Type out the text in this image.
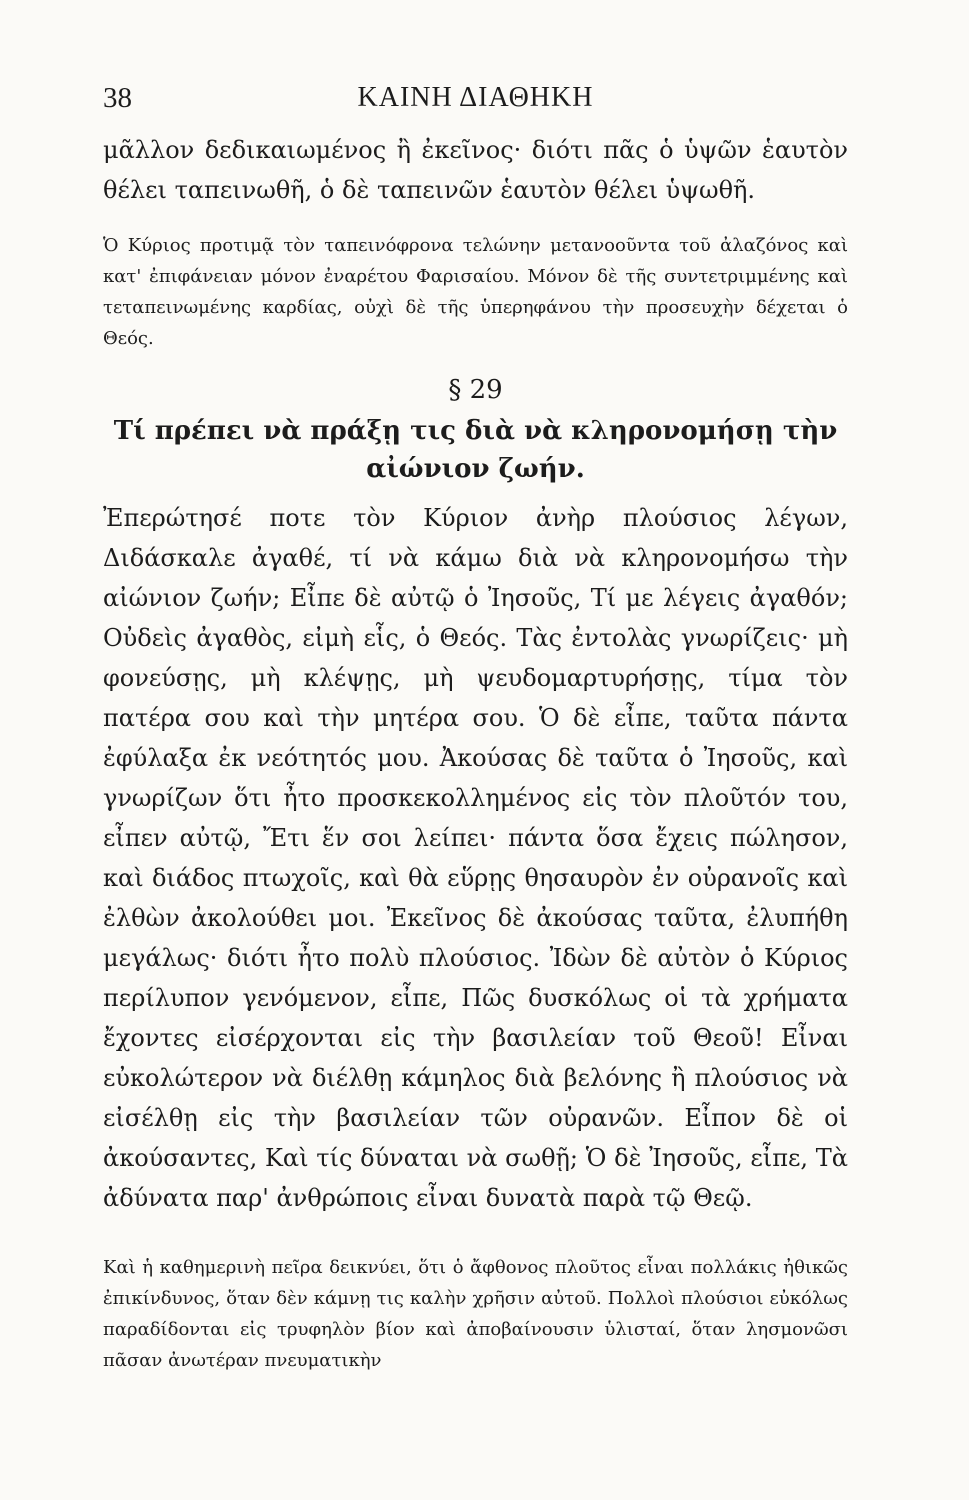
38	ΚΑΙΝΗ ΔΙΑΘΗΚΗ

μᾶλλον δεδικαιωμένος ἢ ἐκεῖνος· διότι πᾶς ὁ ὑψῶν ἑαυτὸν θέλει ταπεινωθῆ, ὁ δὲ ταπεινῶν ἑαυτὸν θέλει ὑψωθῆ.

Ὁ Κύριος προτιμᾷ τὸν ταπεινόφρονα τελώνην μετανοοῦντα τοῦ ἀλαζόνος καὶ κατ' ἐπιφάνειαν μόνον ἐναρέτου Φαρισαίου. Μόνον δὲ τῆς συντετριμμένης καὶ τεταπεινωμένης καρδίας, οὐχὶ δὲ τῆς ὑπερηφάνου τὴν προσευχὴν δέχεται ὁ Θεός.

§ 29
Τί πρέπει νὰ πράξῃ τις διὰ νὰ κληρονομήσῃ τὴν αἰώνιον ζωήν.

Ἐπερώτησέ ποτε τὸν Κύριον ἀνὴρ πλούσιος λέγων, Διδάσκαλε ἀγαθέ, τί νὰ κάμω διὰ νὰ κληρονομήσω τὴν αἰώνιον ζωήν; Εἶπε δὲ αὐτῷ ὁ Ἰησοῦς, Τί με λέγεις ἀγαθόν; Οὐδεὶς ἀγαθὸς, εἰμὴ εἷς, ὁ Θεός. Τὰς ἐντολὰς γνωρίζεις· μὴ φονεύσῃς, μὴ κλέψῃς, μὴ ψευδομαρτυρήσῃς, τίμα τὸν πατέρα σου καὶ τὴν μητέρα σου. Ὁ δὲ εἶπε, ταῦτα πάντα ἐφύλαξα ἐκ νεότητός μου. Ἀκούσας δὲ ταῦτα ὁ Ἰησοῦς, καὶ γνωρίζων ὅτι ἦτο προσκεκολλημένος εἰς τὸν πλοῦτόν του, εἶπεν αὐτῷ, Ἔτι ἕν σοι λείπει· πάντα ὅσα ἔχεις πώλησον, καὶ διάδος πτωχοῖς, καὶ θὰ εὕρῃς θησαυρὸν ἐν οὐρανοῖς καὶ ἐλθὼν ἀκολούθει μοι. Ἐκεῖνος δὲ ἀκούσας ταῦτα, ἐλυπήθη μεγάλως· διότι ἦτο πολὺ πλούσιος. Ἰδὼν δὲ αὐτὸν ὁ Κύριος περίλυπον γενόμενον, εἶπε, Πῶς δυσκόλως οἱ τὰ χρήματα ἔχοντες εἰσέρχονται εἰς τὴν βασιλείαν τοῦ Θεοῦ! Εἶναι εὐκολώτερον νὰ διέλθῃ κάμηλος διὰ βελόνης ἢ πλούσιος νὰ εἰσέλθῃ εἰς τὴν βασιλείαν τῶν οὐρανῶν. Εἶπον δὲ οἱ ἀκούσαντες, Καὶ τίς δύναται νὰ σωθῇ; Ὁ δὲ Ἰησοῦς, εἶπε, Τὰ ἀδύνατα παρ' ἀνθρώποις εἶναι δυνατὰ παρὰ τῷ Θεῷ.

Καὶ ἡ καθημερινὴ πεῖρα δεικνύει, ὅτι ὁ ἄφθονος πλοῦτος εἶναι πολλάκις ἠθικῶς ἐπικίνδυνος, ὅταν δὲν κάμνῃ τις καλὴν χρῆσιν αὐτοῦ. Πολλοὶ πλούσιοι εὐκόλως παραδίδονται εἰς τρυφηλὸν βίον καὶ ἀποβαίνουσιν ὑλισταί, ὅταν λησμονῶσι πᾶσαν ἀνωτέραν πνευματικὴν
